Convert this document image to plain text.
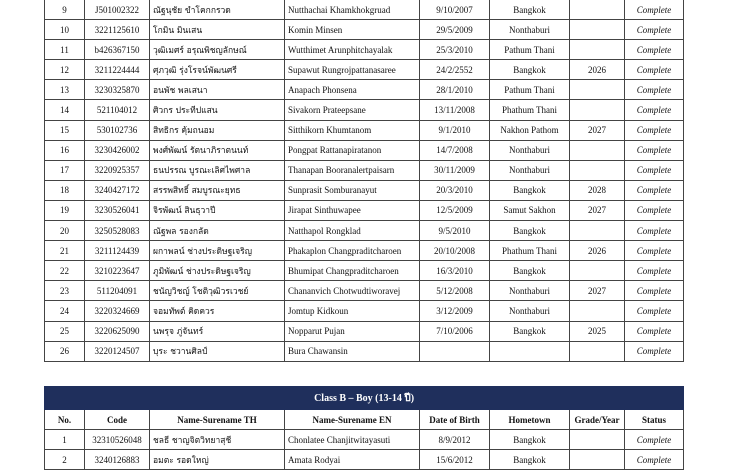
9	J501002322	ณัฐนุชัย ขำโคกกรวด	Nutthachai Khamkhokgruad	9/10/2007	Bangkok		Complete
10	3221125610	โกมิน มินเสน	Komin Minsen	29/5/2009	Nonthaburi		Complete
11	b426367150	วุฒิเมศร์ อรุณพิชญลักษณ์	Wutthimet Arunphitchayalak	25/3/2010	Pathum Thani		Complete
12	3211224444	ศุภวุฒิ รุ่งโรจน์พัฒนศรี	Supawut Rungrojpattanasaree	24/2/2552	Bangkok	2026	Complete
13	3230325870	อนพัช พลเสนา	Anapach Phonsena	28/1/2010	Pathum Thani		Complete
14	521104012	ศิวกร ประทีปแสน	Sivakorn Prateepsane	13/11/2008	Phathum Thani		Complete
15	530102736	สิทธิกร คุ้มถนอม	Sitthikorn Khumtanom	9/1/2010	Nakhon Pathom	2027	Complete
16	3230426002	พงศ์พัฒน์ รัตนาภิราตนนท์	Pongpat Rattanapiratanon	14/7/2008	Nonthaburi		Complete
17	3220925357	ธนปรรณ บูรณะเลิศไพศาล	Thanapan Booranalertpaisarn	30/11/2009	Nonthaburi		Complete
18	3240427172	สรรพสิทธิ์ สมบูรณะยุทธ	Sunprasit Somburanayut	20/3/2010	Bangkok	2028	Complete
19	3230526041	จิรพัฒน์ สินธุวาปี	Jirapat Sinthuwapee	12/5/2009	Samut Sakhon	2027	Complete
20	3250528083	ณัฐพล รองกลัด	Natthapol Rongklad	9/5/2010	Bangkok		Complete
21	3211124439	ผกาพลน์ ช่างประดิษฐเจริญ	Phakaplon Changpraditcharoen	20/10/2008	Phathum Thani	2026	Complete
22	3210223647	ภูมิพัฒน์ ช่างประดิษฐเจริญ	Bhumipat Changpraditcharoen	16/3/2010	Bangkok		Complete
23	511204091	ชนัญวิชญ์ โชติวุฒิวรเวชย์	Chananvich Chotwudtiworavej	5/12/2008	Nonthaburi	2027	Complete
24	3220324669	จอมทัพต์ คิดควร	Jomtup Kidkoun	3/12/2009	Nonthaburi		Complete
25	3220625090	นพรุจ ภู่จันทร์	Nopparut Pujan	7/10/2006	Bangkok	2025	Complete
26	3220124507	บุระ ชวานศิลป์	Bura Chawansin				Complete
Class B – Boy (13-14 ปี)							
No.	Code	Name-Surename TH	Name-Surename EN	Date of Birth	Hometown	Grade/Year	Status
1	32310526048	ชลธี ชาญจิตวิทยาสุชี	Chonlatee Chanjitwitayasuti	8/9/2012	Bangkok		Complete
2	3240126883	อมตะ รอดใหญ่	Amata Rodyai	15/6/2012	Bangkok		Complete
